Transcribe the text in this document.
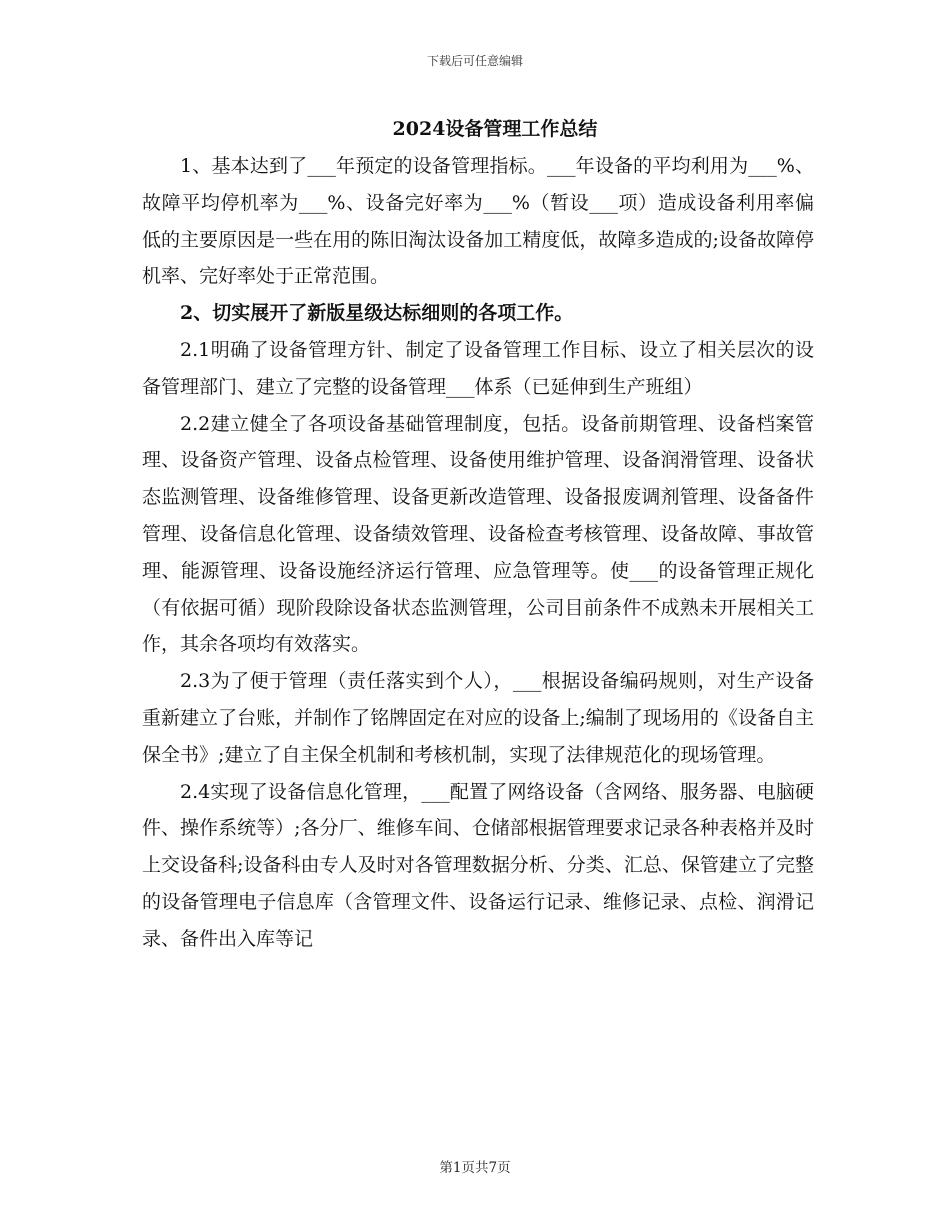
下载后可任意编辑
2024设备管理工作总结

1、基本达到了___年预定的设备管理指标。___年设备的平均利用为___%、故障平均停机率为___%、设备完好率为___%（暂设___项）造成设备利用率偏低的主要原因是一些在用的陈旧淘汰设备加工精度低，故障多造成的;设备故障停机率、完好率处于正常范围。

2、切实展开了新版星级达标细则的各项工作。

2.1明确了设备管理方针、制定了设备管理工作目标、设立了相关层次的设备管理部门、建立了完整的设备管理___体系（已延伸到生产班组）

2.2建立健全了各项设备基础管理制度，包括。设备前期管理、设备档案管理、设备资产管理、设备点检管理、设备使用维护管理、设备润滑管理、设备状态监测管理、设备维修管理、设备更新改造管理、设备报废调剂管理、设备备件管理、设备信息化管理、设备绩效管理、设备检查考核管理、设备故障、事故管理、能源管理、设备设施经济运行管理、应急管理等。使___的设备管理正规化（有依据可循）现阶段除设备状态监测管理，公司目前条件不成熟未开展相关工作，其余各项均有效落实。

2.3为了便于管理（责任落实到个人），___根据设备编码规则，对生产设备重新建立了台账，并制作了铭牌固定在对应的设备上;编制了现场用的《设备自主保全书》;建立了自主保全机制和考核机制，实现了法律规范化的现场管理。

2.4实现了设备信息化管理，___配置了网络设备（含网络、服务器、电脑硬件、操作系统等）;各分厂、维修车间、仓储部根据管理要求记录各种表格并及时上交设备科;设备科由专人及时对各管理数据分析、分类、汇总、保管建立了完整的设备管理电子信息库（含管理文件、设备运行记录、维修记录、点检、润滑记录、备件出入库等记

第1页共7页
